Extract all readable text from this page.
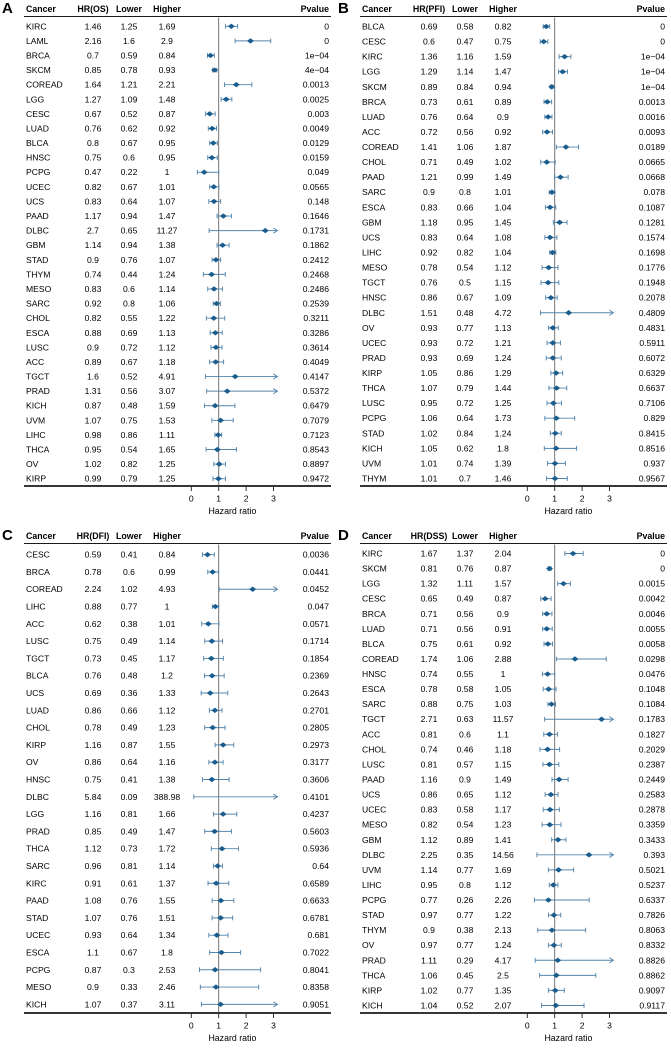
A Cancer HR(OS) Lower Higher	Pvalue
KIRC	1.46 1.25 1.69	0
LAML	2.16	1.6	2.9	0
BRCA	0.7	0.59 0.84	1e−04
SKCM	0.85 0.78 0.93	4e−04
COREAD	1.64 1.21 2.21	0.0013
LGG	1.27 1.09 1.48	0.0025
CESC	0.67 0.52 0.87	0.003
LUAD	0.76 0.62 0.92	0.0049
BLCA	0.8	0.67 0.95	0.0129
HNSC	0.75	0.6	0.95	0.0159
PCPG	0.47 0.22	1	0.049
UCEC	0.82 0.67 1.01	0.0565
UCS	0.83 0.64 1.07	0.148
PAAD	1.17 0.94 1.47	0.1646
DLBC	2.7	0.65 11.27	0.1731
GBM	1.14 0.94 1.38	0.1862
STAD	0.9	0.76 1.07	0.2412
THYM	0.74 0.44 1.24	0.2468
MESO	0.83	0.6	1.14	0.2486
SARC	0.92	0.8	1.06	0.2539
CHOL	0.82 0.55 1.22	0.3211
ESCA	0.88 0.69 1.13	0.3286
LUSC	0.9	0.72 1.12	0.3614
ACC	0.89 0.67 1.18	0.4049
TGCT	1.6	0.52 4.91	0.4147
PRAD	1.31 0.56 3.07	0.5372
KICH	0.87 0.48 1.59	0.6479
UVM	1.07 0.75 1.53	0.7079
LIHC	0.98 0.86	1.11	0.7123
THCA	0.95 0.54 1.65	0.8543
OV	1.02 0.82 1.25	0.8897
KIRP	0.99 0.79 1.25	0.9472
0	1	2	3
Hazard ratio
B Cancer HR(PFI) Lower Higher	Pvalue
BLCA	0.69 0.58 0.82	0
CESC	0.6	0.47 0.75	0
KIRC	1.36 1.16 1.59	1e−04
LGG	1.29 1.14 1.47	1e−04
SKCM	0.89 0.84 0.94	1e−04
BRCA	0.73 0.61 0.89	0.0013
LUAD	0.76 0.64	0.9	0.0016
ACC	0.72 0.56 0.92	0.0093
COREAD	1.41 1.06 1.87	0.0189
CHOL	0.71 0.49 1.02	0.0665
PAAD	1.21 0.99 1.49	0.0668
SARC	0.9	0.8	1.01	0.078
ESCA	0.83 0.66 1.04	0.1087
GBM	1.18 0.95 1.45	0.1281
UCS	0.83 0.64 1.08	0.1574
LIHC	0.92 0.82 1.04	0.1698
MESO	0.78 0.54 1.12	0.1776
TGCT	0.76	0.5	1.15	0.1948
HNSC	0.86 0.67 1.09	0.2078
DLBC	1.51 0.48 4.72	0.4809
OV	0.93 0.77 1.13	0.4831
UCEC	0.93 0.72 1.21	0.5911
PRAD	0.93 0.69 1.24	0.6072
KIRP	1.05 0.86 1.29	0.6329
THCA	1.07 0.79 1.44	0.6637
LUSC	0.95 0.72 1.25	0.7106
PCPG	1.06 0.64 1.73	0.829
STAD	1.02 0.84 1.24	0.8415
KICH	1.05 0.62	1.8	0.8516
UVM	1.01 0.74 1.39	0.937
THYM	1.01	0.7	1.46	0.9567
0	1	2	3
Hazard ratio
C Cancer HR(DFI) Lower Higher	Pvalue
CESC	0.59 0.41 0.84	0.0036
BRCA	0.78	0.6	0.99	0.0441
COREAD	2.24 1.02 4.93	0.0452
LIHC	0.88 0.77	1	0.047
ACC	0.62 0.38 1.01	0.0571
LUSC	0.75 0.49 1.14	0.1714
TGCT	0.73 0.45 1.17	0.1854
BLCA	0.76 0.48	1.2	0.2369
UCS	0.69 0.36 1.33	0.2643
LUAD	0.86 0.66 1.12	0.2701
CHOL	0.78 0.49 1.23	0.2805
KIRP	1.16 0.87 1.55	0.2973
OV	0.86 0.64 1.16	0.3177
HNSC	0.75 0.41 1.38	0.3606
DLBC	5.84 0.09 388.98	0.4101
LGG	1.16 0.81 1.66	0.4237
PRAD	0.85 0.49 1.47	0.5603
THCA	1.12 0.73 1.72	0.5936
SARC	0.96 0.81 1.14	0.64
KIRC	0.91 0.61 1.37	0.6589
PAAD	1.08 0.76 1.55	0.6633
STAD	1.07 0.76 1.51	0.6781
UCEC	0.93 0.64 1.34	0.681
ESCA	1.1	0.67	1.8	0.7022
PCPG	0.87	0.3	2.53	0.8041
MESO	0.9	0.33 2.46	0.8358
KICH	1.07 0.37	3.11	0.9051
0	1	2	3
Hazard ratio
D Cancer HR(DSS) Lower Higher	Pvalue
KIRC	1.67 1.37 2.04	0
SKCM	0.81 0.76 0.87	0
LGG	1.32 1.11	1.57	0.0015
CESC	0.65 0.49 0.87	0.0042
BRCA	0.71 0.56	0.9	0.0046
LUAD	0.71 0.56 0.91	0.0055
BLCA	0.75 0.61 0.92	0.0058
COREAD	1.74 1.06 2.88	0.0298
HNSC	0.74 0.55	1	0.0476
ESCA	0.78 0.58 1.05	0.1048
SARC	0.88 0.75 1.03	0.1084
TGCT	2.71 0.63 11.57	0.1783
ACC	0.81	0.6	1.1	0.1827
CHOL	0.74 0.46 1.18	0.2029
LUSC	0.81 0.57 1.15	0.2387
PAAD	1.16	0.9	1.49	0.2449
UCS	0.86 0.65 1.12	0.2583
UCEC	0.83 0.58 1.17	0.2878
MESO	0.82 0.54 1.23	0.3359
GBM	1.12 0.89 1.41	0.3433
DLBC	2.25 0.35 14.56	0.393
UVM	1.14 0.77 1.69	0.5021
LIHC	0.95	0.8	1.12	0.5237
PCPG	0.77 0.26 2.26	0.6337
STAD	0.97 0.77 1.22	0.7826
THYM	0.9	0.38 2.13	0.8063
OV	0.97 0.77 1.24	0.8332
PRAD	1.11 0.29 4.17	0.8826
THCA	1.06 0.45	2.5	0.8862
KIRP	1.02 0.77 1.35	0.9097
KICH	1.04 0.52 2.07	0.9117
0	1	2	3
Hazard ratio
